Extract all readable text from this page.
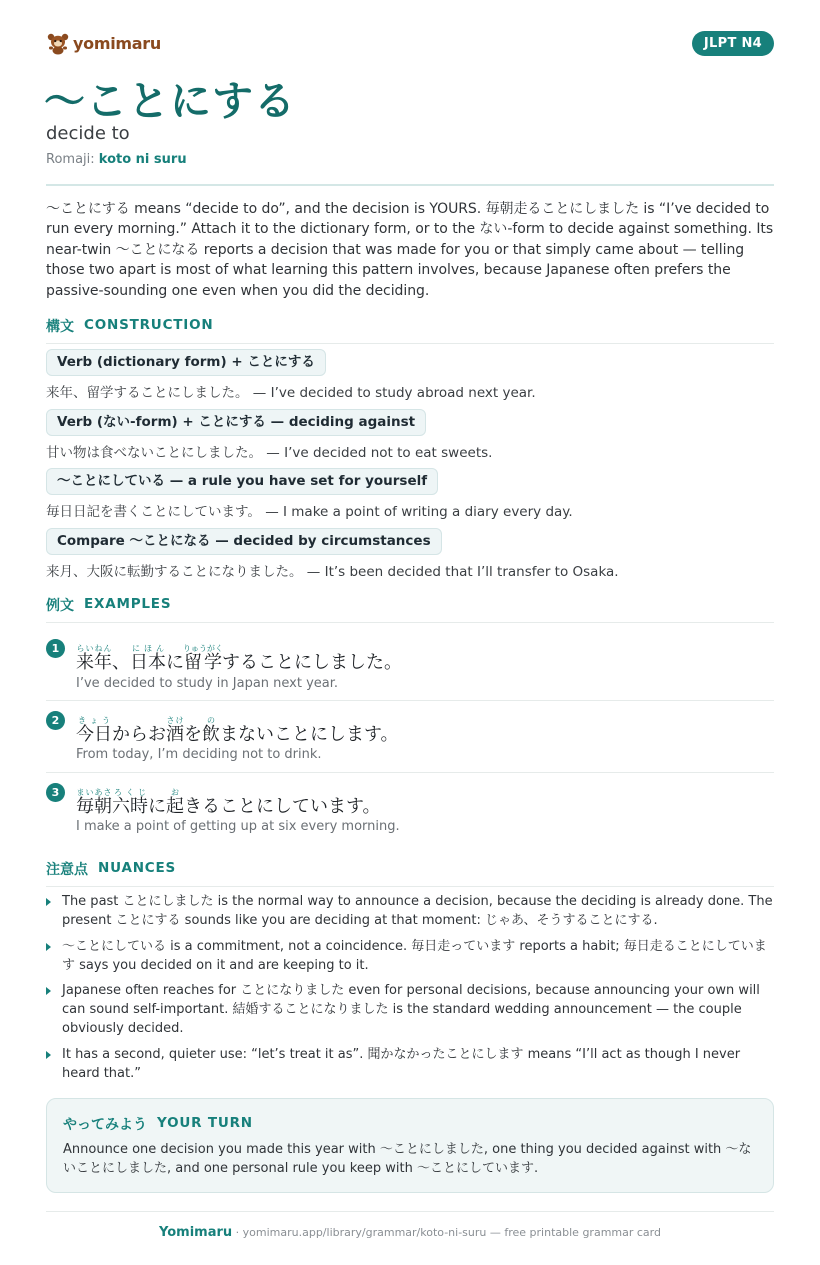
yomimaru	JLPT N4
〜ことにする
decide to
Romaji: koto ni suru

〜ことにする means “decide to do”, and the decision is YOURS. 毎朝走ることにしました is “I’ve decided to run every morning.” Attach it to the dictionary form, or to the ない-form to decide against something. Its near-twin 〜ことになる reports a decision that was made for you or that simply came about — telling those two apart is most of what learning this pattern involves, because Japanese often prefers the passive-sounding one even when you did the deciding.

構文 CONSTRUCTION
Verb (dictionary form) + ことにする
来年、留学することにしました。 — I’ve decided to study abroad next year.
Verb (ない-form) + ことにする — deciding against
甘い物は食べないことにしました。 — I’ve decided not to eat sweets.
〜ことにしている — a rule you have set for yourself
毎日日記を書くことにしています。 — I make a point of writing a diary every day.
Compare 〜ことになる — decided by circumstances
来月、大阪に転勤することになりました。 — It’s been decided that I’ll transfer to Osaka.
例文 EXAMPLES
1
来年らいねん、日本にほんに留学りゅうがくすることにしました。
I’ve decided to study in Japan next year.
2
今日きょうからお酒さけを飲のまないことにします。
From today, I’m deciding not to drink.
3
毎朝まいあさ六時ろくじに起おきることにしています。
I make a point of getting up at six every morning.
注意点 NUANCES

The past ことにしました is the normal way to announce a decision, because the deciding is already done. The present ことにする sounds like you are deciding at that moment: じゃあ、そうすることにする.

〜ことにしている is a commitment, not a coincidence. 毎日走っています reports a habit; 毎日走ることにしています says you decided on it and are keeping to it.

Japanese often reaches for ことになりました even for personal decisions, because announcing your own will can sound self-important. 結婚することになりました is the standard wedding announcement — the couple obviously decided.

It has a second, quieter use: “let’s treat it as”. 聞かなかったことにします means “I’ll act as though I never heard that.”

やってみよう YOUR TURN

Announce one decision you made this year with 〜ことにしました, one thing you decided against with 〜ないことにしました, and one personal rule you keep with 〜ことにしています.

Yomimaru · yomimaru.app/library/grammar/koto-ni-suru — free printable grammar card
